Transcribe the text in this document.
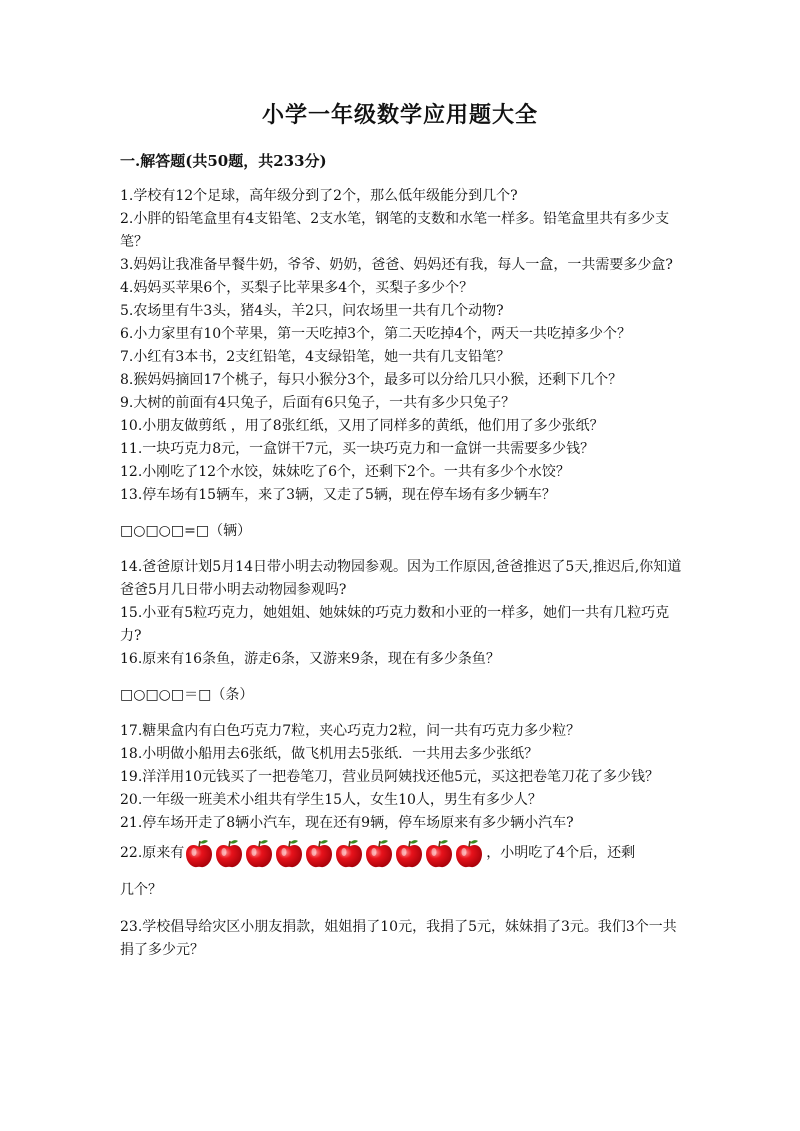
小学一年级数学应用题大全
一.解答题(共50题，共233分)
1.学校有12个足球，高年级分到了2个，那么低年级能分到几个?
2.小胖的铅笔盒里有4支铅笔、2支水笔，钢笔的支数和水笔一样多。铅笔盒里共有多少支笔？
3.妈妈让我准备早餐牛奶，爷爷、奶奶，爸爸、妈妈还有我，每人一盒，一共需要多少盒?
4.妈妈买苹果6个，买梨子比苹果多4个，买梨子多少个？
5.农场里有牛3头，猪4头，羊2只，问农场里一共有几个动物?
6.小力家里有10个苹果，第一天吃掉3个，第二天吃掉4个，两天一共吃掉多少个？
7.小红有3本书，2支红铅笔，4支绿铅笔，她一共有几支铅笔？
8.猴妈妈摘回17个桃子，每只小猴分3个，最多可以分给几只小猴，还剩下几个？
9.大树的前面有4只兔子，后面有6只兔子，一共有多少只兔子？
10.小朋友做剪纸 ，用了8张红纸，又用了同样多的黄纸，他们用了多少张纸？
11.一块巧克力8元，一盒饼干7元，买一块巧克力和一盒饼一共需要多少钱？
12.小刚吃了12个水饺，妹妹吃了6个，还剩下2个。一共有多少个水饺？
13.停车场有15辆车，来了3辆，又走了5辆，现在停车场有多少辆车？
□○□○□=□（辆）
14.爸爸原计划5月14日带小明去动物园参观。因为工作原因,爸爸推迟了5天,推迟后,你知道爸爸5月几日带小明去动物园参观吗?
15.小亚有5粒巧克力，她姐姐、她妹妹的巧克力数和小亚的一样多，她们一共有几粒巧克力?
16.原来有16条鱼，游走6条，又游来9条，现在有多少条鱼？
□○□○□＝□（条）
17.糖果盒内有白色巧克力7粒，夹心巧克力2粒，问一共有巧克力多少粒？
18.小明做小船用去6张纸，做飞机用去5张纸．一共用去多少张纸？
19.洋洋用10元钱买了一把卷笔刀，营业员阿姨找还他5元，买这把卷笔刀花了多少钱？
20.一年级一班美术小组共有学生15人，女生10人，男生有多少人？
21.停车场开走了8辆小汽车，现在还有9辆，停车场原来有多少辆小汽车?
22.原来有	，小明吃了4个后，还剩
几个？
23.学校倡导给灾区小朋友捐款，姐姐捐了10元，我捐了5元，妹妹捐了3元。我们3个一共捐了多少元？
